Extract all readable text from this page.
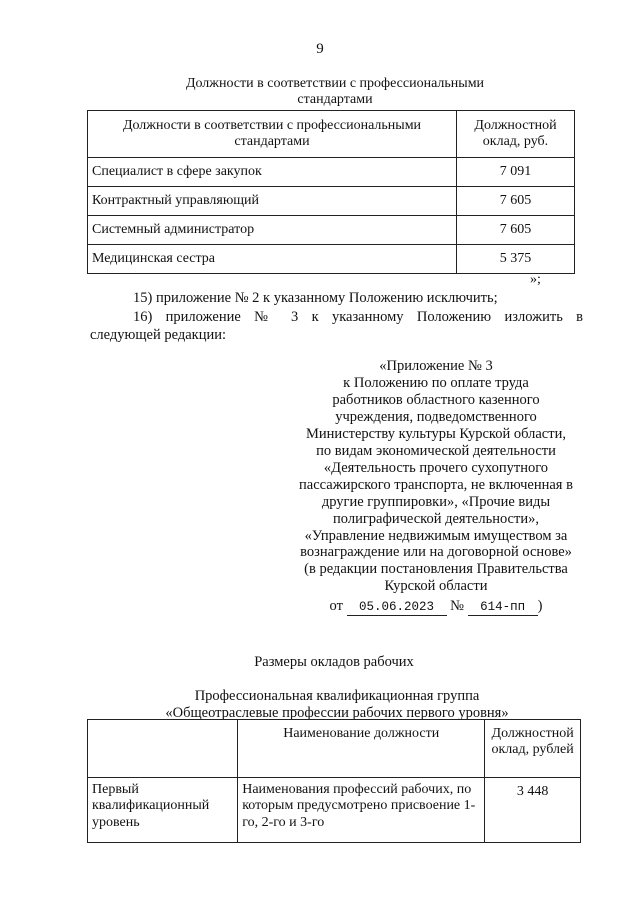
9
Должности в соответствии с профессиональными стандартами
Должности в соответствии с профессиональными стандартами	Должностной оклад, руб.
Специалист в сфере закупок	7 091
Контрактный управляющий	7 605
Системный администратор	7 605
Медицинская сестра	5 375
»;
15) приложение № 2 к указанному Положению исключить;
16) приложение № 3 к указанному Положению изложить в
следующей редакции:
«Приложение № 3
к Положению по оплате труда
работников областного казенного
учреждения, подведомственного
Министерству культуры Курской области,
по видам экономической деятельности
«Деятельность прочего сухопутного
пассажирского транспорта, не включенная в
другие группировки», «Прочие виды
полиграфической деятельности»,
«Управление недвижимым имуществом за
вознаграждение или на договорной основе»
(в редакции постановления Правительства
Курской области
от 05.06.2023 № 614-пп )
Размеры окладов рабочих
Профессиональная квалификационная группа
«Общеотраслевые профессии рабочих первого уровня»
	Наименование должности	Должностной оклад, рублей
Первый квалификационный уровень	Наименования профессий рабочих, по которым предусмотрено присвоение 1-го, 2-го и 3-го	3 448
